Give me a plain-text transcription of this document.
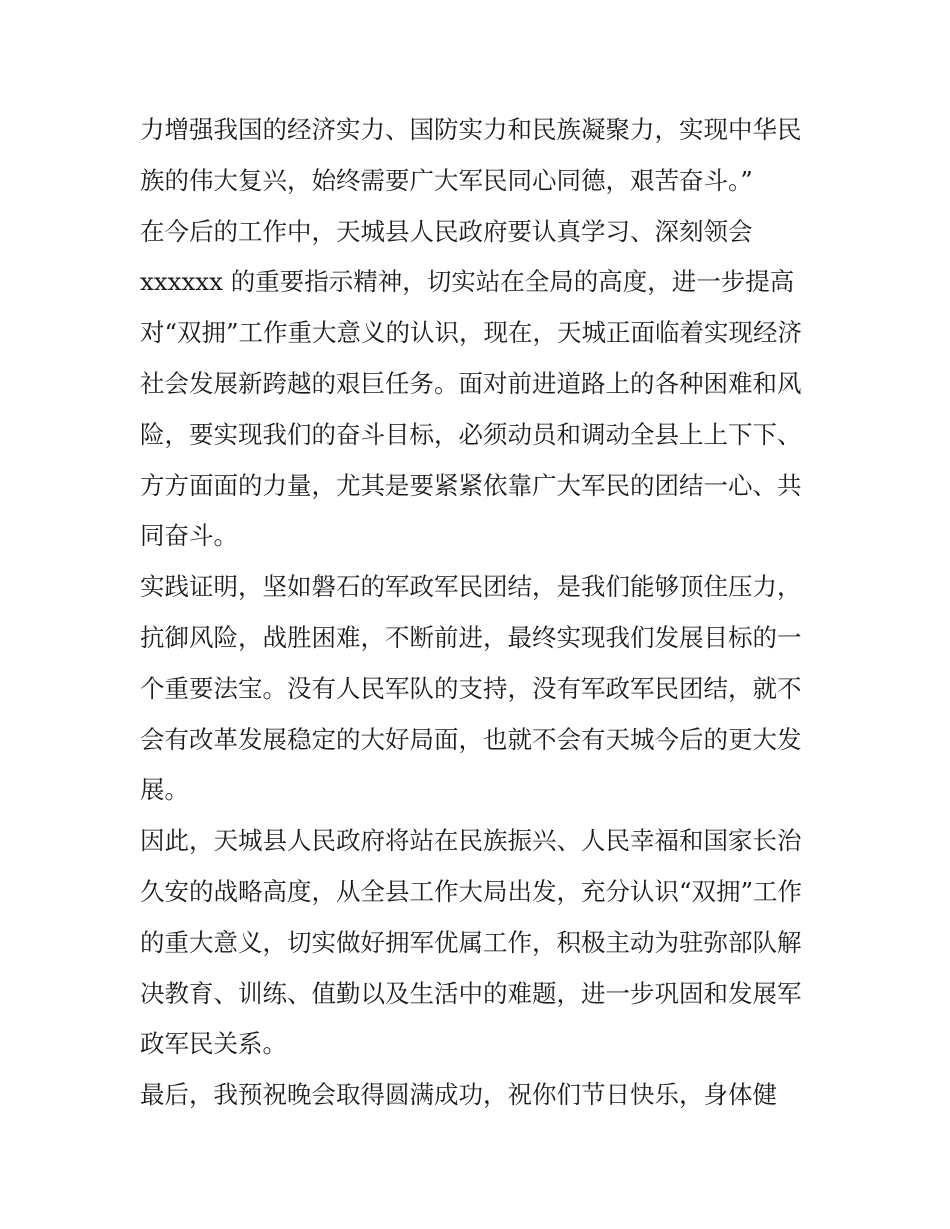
力增强我国的经济实力、国防实力和民族凝聚力，实现中华民
族的伟大复兴，始终需要广大军民同心同德，艰苦奋斗。”
在今后的工作中，天城县人民政府要认真学习、深刻领会
xxxxxx 的重要指示精神，切实站在全局的高度，进一步提高
对“双拥”工作重大意义的认识，现在，天城正面临着实现经济
社会发展新跨越的艰巨任务。面对前进道路上的各种困难和风
险，要实现我们的奋斗目标，必须动员和调动全县上上下下、
方方面面的力量，尤其是要紧紧依靠广大军民的团结一心、共
同奋斗。
实践证明，坚如磐石的军政军民团结，是我们能够顶住压力，
抗御风险，战胜困难，不断前进，最终实现我们发展目标的一
个重要法宝。没有人民军队的支持，没有军政军民团结，就不
会有改革发展稳定的大好局面，也就不会有天城今后的更大发
展。
因此，天城县人民政府将站在民族振兴、人民幸福和国家长治
久安的战略高度，从全县工作大局出发，充分认识“双拥”工作
的重大意义，切实做好拥军优属工作，积极主动为驻弥部队解
决教育、训练、值勤以及生活中的难题，进一步巩固和发展军
政军民关系。
最后，我预祝晚会取得圆满成功，祝你们节日快乐，身体健
